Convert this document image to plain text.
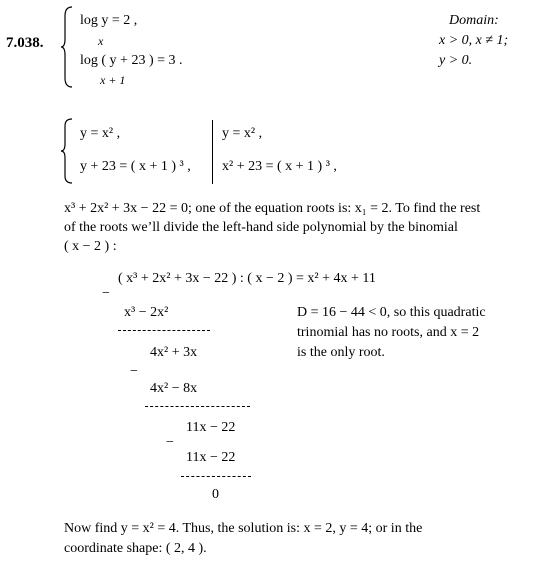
7.038.
log y = 2 ,
x
log ( y + 23 ) = 3 .
x + 1
Domain:
x > 0, x ≠ 1;
y > 0.
y = x² ,
y + 23 = ( x + 1 ) ³ ,
y = x² ,
x² + 23 = ( x + 1 ) ³ ,
x³ + 2x² + 3x − 22 = 0; one of the equation roots is: x₁ = 2. To find the rest
of the roots we’ll divide the left-hand side polynomial by the binomial
( x − 2 ) :
( x³ + 2x² + 3x − 22 ) : ( x − 2 ) = x² + 4x + 11
−
x³ − 2x²
4x² + 3x
−
4x² − 8x
11x − 22
−
11x − 22
0
D = 16 − 44 < 0, so this quadratic
trinomial has no roots, and x = 2
is the only root.
Now find y = x² = 4. Thus, the solution is: x = 2, y = 4; or in the
coordinate shape: ( 2, 4 ).
